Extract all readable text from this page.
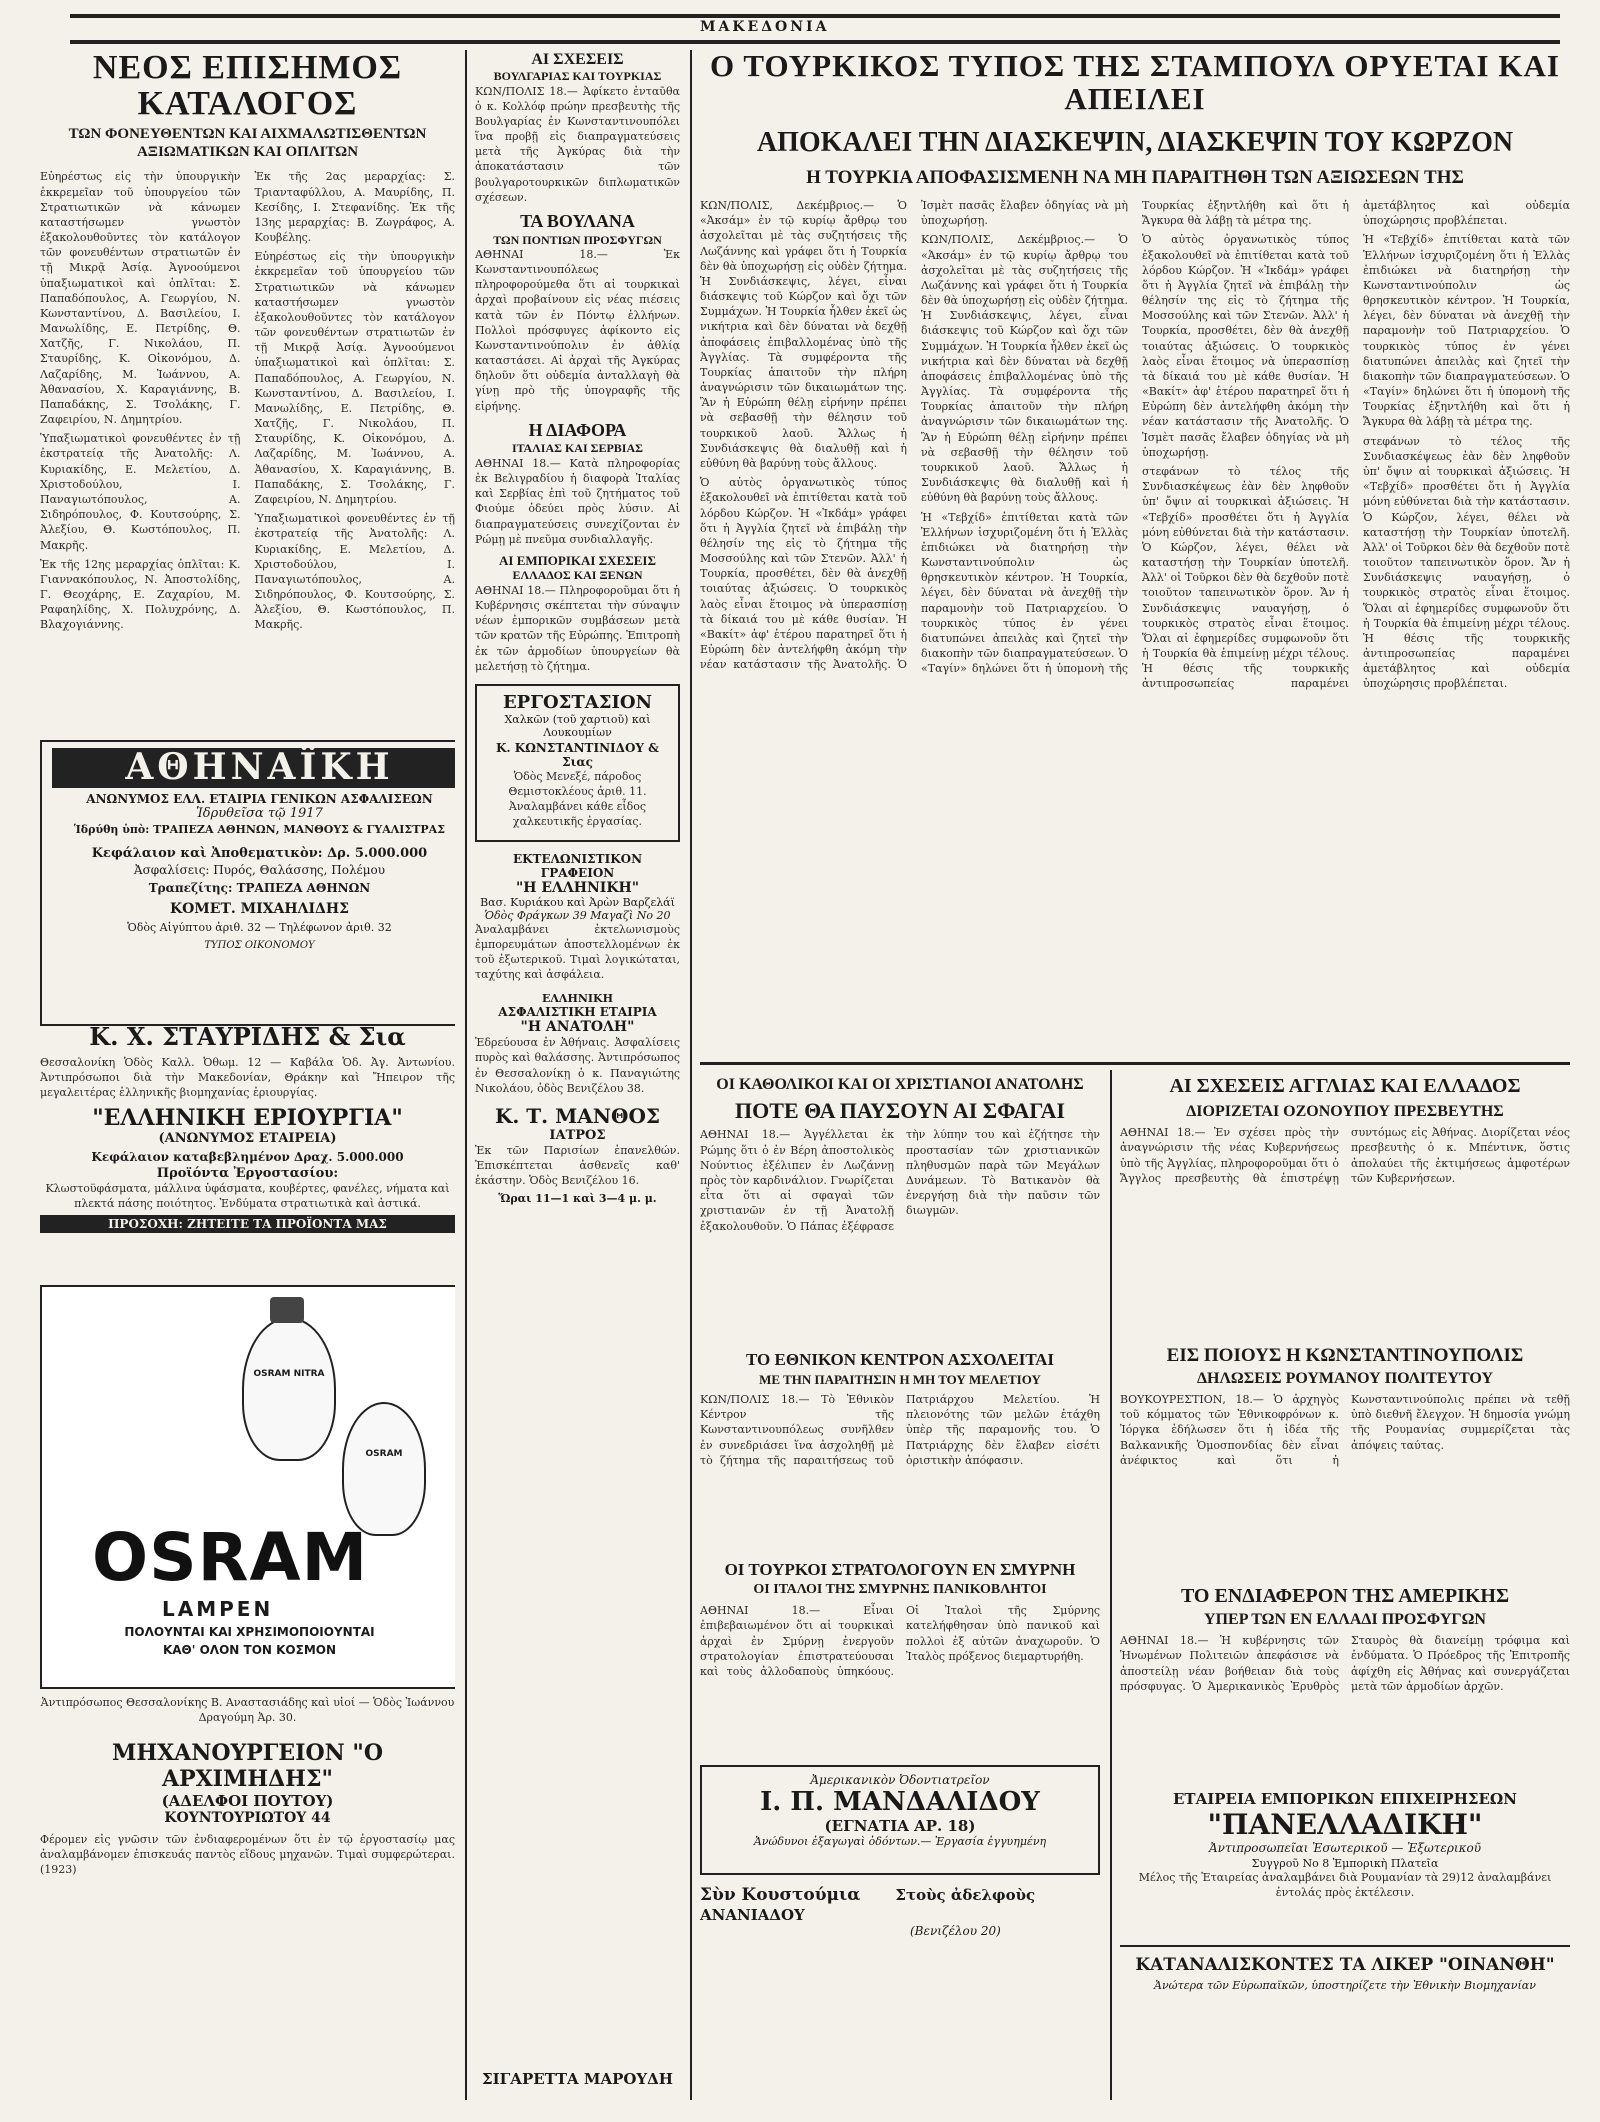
ΜΑΚΕΔΟΝΙΑ
ΝΕΟΣ ΕΠΙΣΗΜΟΣ ΚΑΤΑΛΟΓΟΣ
ΤΩΝ ΦΟΝΕΥΘΕΝΤΩΝ ΚΑΙ ΑΙΧΜΑΛΩΤΙΣΘΕΝΤΩΝ
ΑΞΙΩΜΑΤΙΚΩΝ ΚΑΙ ΟΠΛΙΤΩΝ

Εὐηρέστως εἰς τὴν ὑπουργικὴν ἐκκρεμεῖαν τοῦ ὑπουργείου τῶν Στρατιωτικῶν νὰ κάνωμεν καταστήσωμεν γνωστὸν ἐξακολουθοῦντες τὸν κατάλογον τῶν φονευθέντων στρατιωτῶν ἐν τῇ Μικρᾷ Ἀσίᾳ. Ἀγνοούμενοι ὑπαξιωματικοὶ καὶ ὁπλῖται: Σ. Παπαδόπουλος, Α. Γεωργίου, Ν. Κωνσταντίνου, Δ. Βασιλείου, Ι. Μανωλίδης, Ε. Πετρίδης, Θ. Χατζῆς, Γ. Νικολάου, Π. Σταυρίδης, Κ. Οἰκονόμου, Δ. Λαζαρίδης, Μ. Ἰωάννου, Α. Ἀθανασίου, Χ. Καραγιάννης, Β. Παπαδάκης, Σ. Τσολάκης, Γ. Ζαφειρίου, Ν. Δημητρίου.

Ὑπαξιωματικοὶ φονευθέντες ἐν τῇ ἐκστρατείᾳ τῆς Ἀνατολῆς: Λ. Κυριακίδης, Ε. Μελετίου, Δ. Χριστοδούλου, Ι. Παναγιωτόπουλος, Α. Σιδηρόπουλος, Φ. Κουτσούρης, Σ. Ἀλεξίου, Θ. Κωστόπουλος, Π. Μακρῆς.

Ἐκ τῆς 12ης μεραρχίας ὁπλῖται: Κ. Γιαννακόπουλος, Ν. Ἀποστολίδης, Γ. Θεοχάρης, Ε. Ζαχαρίου, Μ. Ραφαηλίδης, Χ. Πολυχρόνης, Δ. Βλαχογιάννης.

Ἐκ τῆς 2ας μεραρχίας: Σ. Τριανταφύλλου, Α. Μαυρίδης, Π. Κεσίδης, Ι. Στεφανίδης. Ἐκ τῆς 13ης μεραρχίας: Β. Ζωγράφος, Α. Κουβέλης.

Εὐηρέστως εἰς τὴν ὑπουργικὴν ἐκκρεμεῖαν τοῦ ὑπουργείου τῶν Στρατιωτικῶν νὰ κάνωμεν καταστήσωμεν γνωστὸν ἐξακολουθοῦντες τὸν κατάλογον τῶν φονευθέντων στρατιωτῶν ἐν τῇ Μικρᾷ Ἀσίᾳ. Ἀγνοούμενοι ὑπαξιωματικοὶ καὶ ὁπλῖται: Σ. Παπαδόπουλος, Α. Γεωργίου, Ν. Κωνσταντίνου, Δ. Βασιλείου, Ι. Μανωλίδης, Ε. Πετρίδης, Θ. Χατζῆς, Γ. Νικολάου, Π. Σταυρίδης, Κ. Οἰκονόμου, Δ. Λαζαρίδης, Μ. Ἰωάννου, Α. Ἀθανασίου, Χ. Καραγιάννης, Β. Παπαδάκης, Σ. Τσολάκης, Γ. Ζαφειρίου, Ν. Δημητρίου.

Ὑπαξιωματικοὶ φονευθέντες ἐν τῇ ἐκστρατείᾳ τῆς Ἀνατολῆς: Λ. Κυριακίδης, Ε. Μελετίου, Δ. Χριστοδούλου, Ι. Παναγιωτόπουλος, Α. Σιδηρόπουλος, Φ. Κουτσούρης, Σ. Ἀλεξίου, Θ. Κωστόπουλος, Π. Μακρῆς.

ΑΘΗΝΑΪΚΗ
ΑΝΩΝΥΜΟΣ ΕΛΛ. ΕΤΑΙΡΙΑ ΓΕΝΙΚΩΝ ΑΣΦΑΛΙΣΕΩΝ
Ἱδρυθεῖσα τῷ 1917
Ἱδρύθη ὑπὸ: ΤΡΑΠΕΖΑ ΑΘΗΝΩΝ, ΜΑΝΘΟΥΣ & ΓΥΑΛΙΣΤΡΑΣ
Κεφάλαιον καὶ Ἀποθεματικὸν: Δρ. 5.000.000
Ἀσφαλίσεις: Πυρός, Θαλάσσης, Πολέμου
Τραπεζίτης: ΤΡΑΠΕΖΑ ΑΘΗΝΩΝ
ΚΟΜΕΤ. ΜΙΧΑΗΛΙΔΗΣ
Ὁδὸς Αἰγύπτου ἀριθ. 32 — Τηλέφωνον ἀριθ. 32
ΤΥΠΟΣ ΟΙΚΟΝΟΜΟΥ
Κ. Χ. ΣΤΑΥΡΙΔΗΣ & Σια

Θεσσαλονίκη Ὁδὸς Καλλ. Ὀθωμ. 12 — Καβάλα Ὁδ. Ἀγ. Ἀντωνίου. Ἀντιπρόσωποι διὰ τὴν Μακεδονίαν, Θράκην καὶ Ἤπειρον τῆς μεγαλειτέρας ἑλληνικῆς βιομηχανίας ἐριουργίας.

"ΕΛΛΗΝΙΚΗ ΕΡΙΟΥΡΓΙΑ"
(ΑΝΩΝΥΜΟΣ ΕΤΑΙΡΕΙΑ)
Κεφάλαιον καταβεβλημένον Δραχ. 5.000.000
Προϊόντα Ἐργοστασίου:

Κλωστοϋφάσματα, μάλλινα ὑφάσματα, κουβέρτες, φανέλες, νήματα καὶ πλεκτά πάσης ποιότητος. Ἐνδύματα στρατιωτικὰ καὶ ἀστικά.

ΠΡΟΣΟΧΗ: ΖΗΤΕΙΤΕ ΤΑ ΠΡΟΪΟΝΤΑ ΜΑΣ
OSRAM NITRA
OSRAM
OSRAM
LAMPEN
ΠΟΛΟΥΝΤΑΙ ΚΑΙ ΧΡΗΣΙΜΟΠΟΙΟΥΝΤΑΙ
ΚΑΘ' ΟΛΟΝ ΤΟΝ ΚΟΣΜΟΝ

Ἀντιπρόσωπος Θεσσαλονίκης Β. Αναστασιάδης καὶ υἱοί — Ὁδὸς Ἰωάννου Δραγούμη Ἀρ. 30.

ΜΗΧΑΝΟΥΡΓΕΙΟΝ "Ο ΑΡΧΙΜΗΔΗΣ"
(ΑΔΕΛΦΟΙ ΠΟΥΤΟΥ)
ΚΟΥΝΤΟΥΡΙΩΤΟΥ 44

Φέρομεν εἰς γνῶσιν τῶν ἐνδιαφερομένων ὅτι ἐν τῷ ἐργοστασίῳ μας ἀναλαμβάνομεν ἐπισκευάς παντὸς εἴδους μηχανῶν. Τιμαὶ συμφερώτεραι. (1923)

ΑΙ ΣΧΕΣΕΙΣ
ΒΟΥΛΓΑΡΙΑΣ ΚΑΙ ΤΟΥΡΚΙΑΣ

ΚΩΝ/ΠΟΛΙΣ 18.— Ἀφίκετο ἐνταῦθα ὁ κ. Κολλόφ πρώην πρεσβευτὴς τῆς Βουλγαρίας ἐν Κωνσταντινουπόλει ἵνα προβῇ εἰς διαπραγματεύσεις μετὰ τῆς Ἀγκύρας διὰ τὴν ἀποκατάστασιν τῶν βουλγαροτουρκικῶν διπλωματικῶν σχέσεων.

ΤΑ ΒΟΥΛΑΝΑ
ΤΩΝ ΠΟΝΤΙΩΝ ΠΡΟΣΦΥΓΩΝ

ΑΘΗΝΑΙ 18.— Ἐκ Κωνσταντινουπόλεως πληροφορούμεθα ὅτι αἱ τουρκικαὶ ἀρχαὶ προβαίνουν εἰς νέας πιέσεις κατὰ τῶν ἐν Πόντῳ ἑλλήνων. Πολλοὶ πρόσφυγες ἀφίκοντο εἰς Κωνσταντινούπολιν ἐν ἀθλίᾳ καταστάσει. Αἱ ἀρχαὶ τῆς Ἀγκύρας δηλοῦν ὅτι οὐδεμία ἀνταλλαγὴ θὰ γίνῃ πρὸ τῆς ὑπογραφῆς τῆς εἰρήνης.

Η ΔΙΑΦΟΡΑ
ΙΤΑΛΙΑΣ ΚΑΙ ΣΕΡΒΙΑΣ

ΑΘΗΝΑΙ 18.— Κατὰ πληροφορίας ἐκ Βελιγραδίου ἡ διαφορὰ Ἰταλίας καὶ Σερβίας ἐπὶ τοῦ ζητήματος τοῦ Φιούμε ὁδεύει πρὸς λύσιν. Αἱ διαπραγματεύσεις συνεχίζονται ἐν Ρώμῃ μὲ πνεῦμα συνδιαλλαγῆς.

ΑΙ ΕΜΠΟΡΙΚΑΙ ΣΧΕΣΕΙΣ
ΕΛΛΑΔΟΣ ΚΑΙ ΞΕΝΩΝ

ΑΘΗΝΑΙ 18.— Πληροφοροῦμαι ὅτι ἡ Κυβέρνησις σκέπτεται τὴν σύναψιν νέων ἐμπορικῶν συμβάσεων μετὰ τῶν κρατῶν τῆς Εὐρώπης. Ἐπιτροπὴ ἐκ τῶν ἁρμοδίων ὑπουργείων θὰ μελετήσῃ τὸ ζήτημα.

ΕΡΓΟΣΤΑΣΙΟΝ
Χαλκῶν (τοῦ χαρτιοῦ) καὶ Λουκουμίων
Κ. ΚΩΝΣΤΑΝΤΙΝΙΔΟΥ & Σιας

Ὁδὸς Μενεξέ, πάροδος Θεμιστοκλέους ἀριθ. 11. Ἀναλαμβάνει κάθε εἶδος χαλκευτικῆς ἐργασίας.

ΕΚΤΕΛΩΝΙΣΤΙΚΟΝ ΓΡΑΦΕΙΟΝ
"Η ΕΛΛΗΝΙΚΗ"
Βασ. Κυριάκου καὶ Ἀρὼν Βαρζελάϊ
Ὁδὸς Φράγκων 39 Μαγαζὶ Νο 20

Ἀναλαμβάνει ἐκτελωνισμοὺς ἐμπορευμάτων ἀποστελλομένων ἐκ τοῦ ἐξωτερικοῦ. Τιμαὶ λογικώταται, ταχύτης καὶ ἀσφάλεια.

ΕΛΛΗΝΙΚΗ
ΑΣΦΑΛΙΣΤΙΚΗ ΕΤΑΙΡΙΑ
"Η ΑΝΑΤΟΛΗ"

Ἐδρεύουσα ἐν Ἀθήναις. Ἀσφαλίσεις πυρὸς καὶ θαλάσσης. Ἀντιπρόσωπος ἐν Θεσσαλονίκῃ ὁ κ. Παναγιώτης Νικολάου, ὁδὸς Βενιζέλου 38.

Κ. Τ. ΜΑΝΘΟΣ
ΙΑΤΡΟΣ

Ἐκ τῶν Παρισίων ἐπανελθών. Ἐπισκέπτεται ἀσθενεῖς καθ' ἑκάστην. Ὁδὸς Βενιζέλου 16.

Ὥραι 11—1 καὶ 3—4 μ. μ.
ΣΙΓΑΡΕΤΤΑ ΜΑΡΟΥΔΗ
Ο ΤΟΥΡΚΙΚΟΣ ΤΥΠΟΣ ΤΗΣ ΣΤΑΜΠΟΥΛ ΟΡΥΕΤΑΙ ΚΑΙ ΑΠΕΙΛΕΙ
ΑΠΟΚΑΛΕΙ ΤΗΝ ΔΙΑΣΚΕΨΙΝ, ΔΙΑΣΚΕΨΙΝ ΤΟΥ ΚΩΡΖΟΝ
Η ΤΟΥΡΚΙΑ ΑΠΟΦΑΣΙΣΜΕΝΗ ΝΑ ΜΗ ΠΑΡΑΙΤΗΘΗ ΤΩΝ ΑΞΙΩΣΕΩΝ ΤΗΣ

ΚΩΝ/ΠΟΛΙΣ, Δεκέμβριος.— Ὁ «Ἀκσάμ» ἐν τῷ κυρίῳ ἄρθρῳ του ἀσχολεῖται μὲ τὰς συζητήσεις τῆς Λωζάννης καὶ γράφει ὅτι ἡ Τουρκία δὲν θὰ ὑποχωρήσῃ εἰς οὐδὲν ζήτημα. Ἡ Συνδιάσκεψις, λέγει, εἶναι διάσκεψις τοῦ Κώρζον καὶ ὄχι τῶν Συμμάχων. Ἡ Τουρκία ἦλθεν ἐκεῖ ὡς νικήτρια καὶ δὲν δύναται νὰ δεχθῇ ἀποφάσεις ἐπιβαλλομένας ὑπὸ τῆς Ἀγγλίας. Τὰ συμφέροντα τῆς Τουρκίας ἀπαιτοῦν τὴν πλήρη ἀναγνώρισιν τῶν δικαιωμάτων της. Ἂν ἡ Εὐρώπη θέλῃ εἰρήνην πρέπει νὰ σεβασθῇ τὴν θέλησιν τοῦ τουρκικοῦ λαοῦ. Ἄλλως ἡ Συνδιάσκεψις θὰ διαλυθῇ καὶ ἡ εὐθύνη θὰ βαρύνῃ τοὺς ἄλλους.

Ὁ αὐτὸς ὀργανωτικὸς τύπος ἐξακολουθεῖ νὰ ἐπιτίθεται κατὰ τοῦ λόρδου Κώρζον. Ἡ «Ἰκδάμ» γράφει ὅτι ἡ Ἀγγλία ζητεῖ νὰ ἐπιβάλῃ τὴν θέλησίν της εἰς τὸ ζήτημα τῆς Μοσσούλης καὶ τῶν Στενῶν. Ἀλλ' ἡ Τουρκία, προσθέτει, δὲν θὰ ἀνεχθῇ τοιαύτας ἀξιώσεις. Ὁ τουρκικὸς λαὸς εἶναι ἕτοιμος νὰ ὑπερασπίσῃ τὰ δίκαιά του μὲ κάθε θυσίαν. Ἡ «Βακίτ» ἀφ' ἑτέρου παρατηρεῖ ὅτι ἡ Εὐρώπη δὲν ἀντελήφθη ἀκόμη τὴν νέαν κατάστασιν τῆς Ἀνατολῆς. Ὁ Ἰσμὲτ πασᾶς ἔλαβεν ὁδηγίας νὰ μὴ ὑποχωρήσῃ.

ΚΩΝ/ΠΟΛΙΣ, Δεκέμβριος.— Ὁ «Ἀκσάμ» ἐν τῷ κυρίῳ ἄρθρῳ του ἀσχολεῖται μὲ τὰς συζητήσεις τῆς Λωζάννης καὶ γράφει ὅτι ἡ Τουρκία δὲν θὰ ὑποχωρήσῃ εἰς οὐδὲν ζήτημα. Ἡ Συνδιάσκεψις, λέγει, εἶναι διάσκεψις τοῦ Κώρζον καὶ ὄχι τῶν Συμμάχων. Ἡ Τουρκία ἦλθεν ἐκεῖ ὡς νικήτρια καὶ δὲν δύναται νὰ δεχθῇ ἀποφάσεις ἐπιβαλλομένας ὑπὸ τῆς Ἀγγλίας. Τὰ συμφέροντα τῆς Τουρκίας ἀπαιτοῦν τὴν πλήρη ἀναγνώρισιν τῶν δικαιωμάτων της. Ἂν ἡ Εὐρώπη θέλῃ εἰρήνην πρέπει νὰ σεβασθῇ τὴν θέλησιν τοῦ τουρκικοῦ λαοῦ. Ἄλλως ἡ Συνδιάσκεψις θὰ διαλυθῇ καὶ ἡ εὐθύνη θὰ βαρύνῃ τοὺς ἄλλους.

Ἡ «Τεβχίδ» ἐπιτίθεται κατὰ τῶν Ἑλλήνων ἰσχυριζομένη ὅτι ἡ Ἑλλὰς ἐπιδιώκει νὰ διατηρήσῃ τὴν Κωνσταντινούπολιν ὡς θρησκευτικὸν κέντρον. Ἡ Τουρκία, λέγει, δὲν δύναται νὰ ἀνεχθῇ τὴν παραμονὴν τοῦ Πατριαρχείου. Ὁ τουρκικὸς τύπος ἐν γένει διατυπώνει ἀπειλὰς καὶ ζητεῖ τὴν διακοπὴν τῶν διαπραγματεύσεων. Ὁ «Ταγίν» δηλώνει ὅτι ἡ ὑπομονὴ τῆς Τουρκίας ἐξηντλήθη καὶ ὅτι ἡ Ἄγκυρα θὰ λάβῃ τὰ μέτρα της.

Ὁ αὐτὸς ὀργανωτικὸς τύπος ἐξακολουθεῖ νὰ ἐπιτίθεται κατὰ τοῦ λόρδου Κώρζον. Ἡ «Ἰκδάμ» γράφει ὅτι ἡ Ἀγγλία ζητεῖ νὰ ἐπιβάλῃ τὴν θέλησίν της εἰς τὸ ζήτημα τῆς Μοσσούλης καὶ τῶν Στενῶν. Ἀλλ' ἡ Τουρκία, προσθέτει, δὲν θὰ ἀνεχθῇ τοιαύτας ἀξιώσεις. Ὁ τουρκικὸς λαὸς εἶναι ἕτοιμος νὰ ὑπερασπίσῃ τὰ δίκαιά του μὲ κάθε θυσίαν. Ἡ «Βακίτ» ἀφ' ἑτέρου παρατηρεῖ ὅτι ἡ Εὐρώπη δὲν ἀντελήφθη ἀκόμη τὴν νέαν κατάστασιν τῆς Ἀνατολῆς. Ὁ Ἰσμὲτ πασᾶς ἔλαβεν ὁδηγίας νὰ μὴ ὑποχωρήσῃ.

στεφάνων τὸ τέλος τῆς Συνδιασκέψεως ἐὰν δὲν ληφθοῦν ὑπ' ὄψιν αἱ τουρκικαὶ ἀξιώσεις. Ἡ «Τεβχίδ» προσθέτει ὅτι ἡ Ἀγγλία μόνη εὐθύνεται διὰ τὴν κατάστασιν. Ὁ Κώρζον, λέγει, θέλει νὰ καταστήσῃ τὴν Τουρκίαν ὑποτελῆ. Ἀλλ' οἱ Τοῦρκοι δὲν θὰ δεχθοῦν ποτὲ τοιοῦτον ταπεινωτικὸν ὅρον. Ἄν ἡ Συνδιάσκεψις ναυαγήσῃ, ὁ τουρκικὸς στρατὸς εἶναι ἕτοιμος. Ὅλαι αἱ ἐφημερίδες συμφωνοῦν ὅτι ἡ Τουρκία θὰ ἐπιμείνῃ μέχρι τέλους. Ἡ θέσις τῆς τουρκικῆς ἀντιπροσωπείας παραμένει ἀμετάβλητος καὶ οὐδεμία ὑποχώρησις προβλέπεται.

Ἡ «Τεβχίδ» ἐπιτίθεται κατὰ τῶν Ἑλλήνων ἰσχυριζομένη ὅτι ἡ Ἑλλὰς ἐπιδιώκει νὰ διατηρήσῃ τὴν Κωνσταντινούπολιν ὡς θρησκευτικὸν κέντρον. Ἡ Τουρκία, λέγει, δὲν δύναται νὰ ἀνεχθῇ τὴν παραμονὴν τοῦ Πατριαρχείου. Ὁ τουρκικὸς τύπος ἐν γένει διατυπώνει ἀπειλὰς καὶ ζητεῖ τὴν διακοπὴν τῶν διαπραγματεύσεων. Ὁ «Ταγίν» δηλώνει ὅτι ἡ ὑπομονὴ τῆς Τουρκίας ἐξηντλήθη καὶ ὅτι ἡ Ἄγκυρα θὰ λάβῃ τὰ μέτρα της.

στεφάνων τὸ τέλος τῆς Συνδιασκέψεως ἐὰν δὲν ληφθοῦν ὑπ' ὄψιν αἱ τουρκικαὶ ἀξιώσεις. Ἡ «Τεβχίδ» προσθέτει ὅτι ἡ Ἀγγλία μόνη εὐθύνεται διὰ τὴν κατάστασιν. Ὁ Κώρζον, λέγει, θέλει νὰ καταστήσῃ τὴν Τουρκίαν ὑποτελῆ. Ἀλλ' οἱ Τοῦρκοι δὲν θὰ δεχθοῦν ποτὲ τοιοῦτον ταπεινωτικὸν ὅρον. Ἄν ἡ Συνδιάσκεψις ναυαγήσῃ, ὁ τουρκικὸς στρατὸς εἶναι ἕτοιμος. Ὅλαι αἱ ἐφημερίδες συμφωνοῦν ὅτι ἡ Τουρκία θὰ ἐπιμείνῃ μέχρι τέλους. Ἡ θέσις τῆς τουρκικῆς ἀντιπροσωπείας παραμένει ἀμετάβλητος καὶ οὐδεμία ὑποχώρησις προβλέπεται.

ΟΙ ΚΑΘΟΛΙΚΟΙ ΚΑΙ ΟΙ ΧΡΙΣΤΙΑΝΟΙ ΑΝΑΤΟΛΗΣ
ΠΟΤΕ ΘΑ ΠΑΥΣΟΥΝ ΑΙ ΣΦΑΓΑΙ

ΑΘΗΝΑΙ 18.— Ἀγγέλλεται ἐκ Ρώμης ὅτι ὁ ἐν Βέρη ἀποστολικὸς Νούντιος ἐξέλιπεν ἐν Λωζάννῃ πρὸς τὸν καρδινάλιον. Γνωρίζεται εἶτα ὅτι αἱ σφαγαὶ τῶν χριστιανῶν ἐν τῇ Ἀνατολῇ ἐξακολουθοῦν. Ὁ Πάπας ἐξέφρασε τὴν λύπην του καὶ ἐζήτησε τὴν προστασίαν τῶν χριστιανικῶν πληθυσμῶν παρὰ τῶν Μεγάλων Δυνάμεων. Τὸ Βατικανὸν θὰ ἐνεργήσῃ διὰ τὴν παῦσιν τῶν διωγμῶν.

ΤΟ ΕΘΝΙΚΟΝ ΚΕΝΤΡΟΝ ΑΣΧΟΛΕΙΤΑΙ
ΜΕ ΤΗΝ ΠΑΡΑΙΤΗΣΙΝ Η ΜΗ ΤΟΥ ΜΕΛΕΤΙΟΥ

ΚΩΝ/ΠΟΛΙΣ 18.— Τὸ Ἐθνικὸν Κέντρον τῆς Κωνσταντινουπόλεως συνῆλθεν ἐν συνεδριάσει ἵνα ἀσχοληθῇ μὲ τὸ ζήτημα τῆς παραιτήσεως τοῦ Πατριάρχου Μελετίου. Ἡ πλειονότης τῶν μελῶν ἐτάχθη ὑπὲρ τῆς παραμονῆς του. Ὁ Πατριάρχης δὲν ἔλαβεν εἰσέτι ὁριστικὴν ἀπόφασιν.

ΟΙ ΤΟΥΡΚΟΙ ΣΤΡΑΤΟΛΟΓΟΥΝ ΕΝ ΣΜΥΡΝΗ
ΟΙ ΙΤΑΛΟΙ ΤΗΣ ΣΜΥΡΝΗΣ ΠΑΝΙΚΟΒΛΗΤΟΙ

ΑΘΗΝΑΙ 18.— Εἶναι ἐπιβεβαιωμένον ὅτι αἱ τουρκικαὶ ἀρχαὶ ἐν Σμύρνῃ ἐνεργοῦν στρατολογίαν ἐπιστρατεύουσαι καὶ τοὺς ἀλλοδαποὺς ὑπηκόους. Οἱ Ἰταλοὶ τῆς Σμύρνης κατελήφθησαν ὑπὸ πανικοῦ καὶ πολλοὶ ἐξ αὐτῶν ἀναχωροῦν. Ὁ Ἰταλὸς πρόξενος διεμαρτυρήθη.

Ἀμερικανικὸν Ὀδοντιατρεῖον
Ι. Π. ΜΑΝΔΑΛΙΔΟΥ
(ΕΓΝΑΤΙΑ ΑΡ. 18)
Ἀνώδυνοι ἐξαγωγαὶ ὀδόντων.— Ἐργασία ἐγγυημένη
Σὺν Κουστούμια Στοὺς ἀδελφοὺς ΑΝΑΝΙΑΔΟΥ
(Βενιζέλου 20)
ΑΙ ΣΧΕΣΕΙΣ ΑΓΓΛΙΑΣ ΚΑΙ ΕΛΛΑΔΟΣ
ΔΙΟΡΙΖΕΤΑΙ ΟΖΟΝΟΥΠΟΥ ΠΡΕΣΒΕΥΤΗΣ

ΑΘΗΝΑΙ 18.— Ἐν σχέσει πρὸς τὴν ἀναγνώρισιν τῆς νέας Κυβερνήσεως ὑπὸ τῆς Ἀγγλίας, πληροφοροῦμαι ὅτι ὁ Ἄγγλος πρεσβευτὴς θὰ ἐπιστρέψῃ συντόμως εἰς Ἀθήνας. Διορίζεται νέος πρεσβευτὴς ὁ κ. Μπέντινκ, ὅστις ἀπολαύει τῆς ἐκτιμήσεως ἀμφοτέρων τῶν Κυβερνήσεων.

ΕΙΣ ΠΟΙΟΥΣ Η ΚΩΝΣΤΑΝΤΙΝΟΥΠΟΛΙΣ
ΔΗΛΩΣΕΙΣ ΡΟΥΜΑΝΟΥ ΠΟΛΙΤΕΥΤΟΥ

ΒΟΥΚΟΥΡΕΣΤΙΟΝ, 18.— Ὁ ἀρχηγὸς τοῦ κόμματος τῶν Ἐθνικοφρόνων κ. Ἰόργκα ἐδήλωσεν ὅτι ἡ ἰδέα τῆς Βαλκανικῆς Ὁμοσπονδίας δὲν εἶναι ἀνέφικτος καὶ ὅτι ἡ Κωνσταντινούπολις πρέπει νὰ τεθῇ ὑπὸ διεθνῆ ἔλεγχον. Ἡ δημοσία γνώμη τῆς Ρουμανίας συμμερίζεται τὰς ἀπόψεις ταύτας.

ΤΟ ΕΝΔΙΑΦΕΡΟΝ ΤΗΣ ΑΜΕΡΙΚΗΣ
ΥΠΕΡ ΤΩΝ ΕΝ ΕΛΛΑΔΙ ΠΡΟΣΦΥΓΩΝ

ΑΘΗΝΑΙ 18.— Ἡ κυβέρνησις τῶν Ἡνωμένων Πολιτειῶν ἀπεφάσισε νὰ ἀποστείλῃ νέαν βοήθειαν διὰ τοὺς πρόσφυγας. Ὁ Ἀμερικανικὸς Ἐρυθρὸς Σταυρὸς θὰ διανείμῃ τρόφιμα καὶ ἐνδύματα. Ὁ Πρόεδρος τῆς Ἐπιτροπῆς ἀφίχθη εἰς Ἀθήνας καὶ συνεργάζεται μετὰ τῶν ἁρμοδίων ἀρχῶν.

ΕΤΑΙΡΕΙΑ ΕΜΠΟΡΙΚΩΝ ΕΠΙΧΕΙΡΗΣΕΩΝ
"ΠΑΝΕΛΛΑΔΙΚΗ"
Ἀντιπροσωπεῖαι Ἐσωτερικοῦ — Ἐξωτερικοῦ
Συγγροῦ Νο 8 Ἐμπορικὴ Πλατεῖα

Μέλος τῆς Ἐταιρείας ἀναλαμβάνει διὰ Ρουμανίαν τὰ 29)12 ἀναλαμβάνει ἐντολάς πρὸς ἐκτέλεσιν.

ΚΑΤΑΝΑΛΙΣΚΟΝΤΕΣ ΤΑ ΛΙΚΕΡ "ΟΙΝΑΝΘΗ"
Ἀνώτερα τῶν Εὐρωπαϊκῶν, ὑποστηρίζετε τὴν Ἐθνικὴν Βιομηχανίαν
